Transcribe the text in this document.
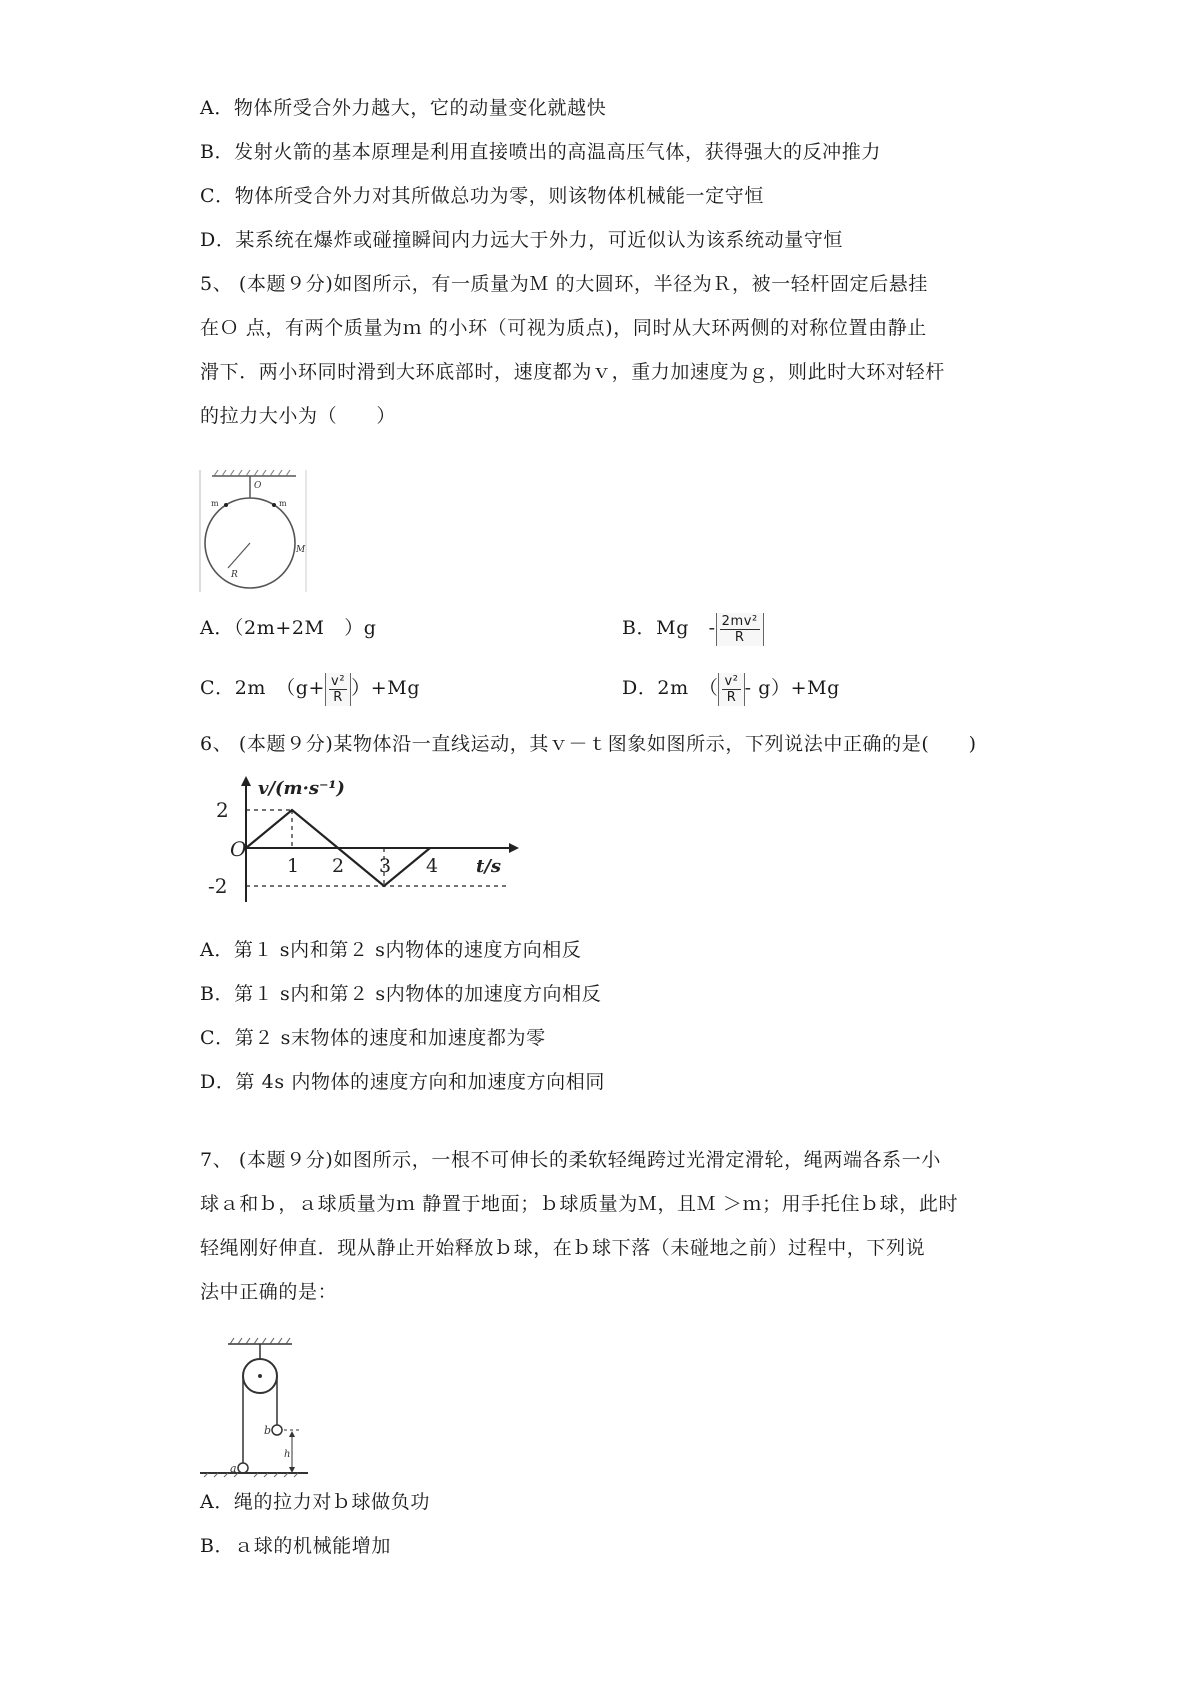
A．物体所受合外力越大，它的动量变化就越快
B．发射火箭的基本原理是利用直接喷出的高温高压气体，获得强大的反冲推力
C．物体所受合外力对其所做总功为零，则该物体机械能一定守恒
D．某系统在爆炸或碰撞瞬间内力远大于外力，可近似认为该系统动量守恒
5、 (本题９分)如图所示，有一质量为Ｍ 的大圆环，半径为Ｒ，被一轻杆固定后悬挂
在Ｏ 点，有两个质量为ｍ 的小环（可视为质点)，同时从大环两侧的对称位置由静止
滑下．两小环同时滑到大环底部时，速度都为ｖ，重力加速度为ｇ，则此时大环对轻杆
的拉力大小为（　　）
O
m	m
M
R
A．（2m+2M　）g	B．Mg　- $\frac{\text{2mv²}}{R}$
C．2m　$(g+ \frac{\text{v²}}{R} )+Mg$	D．2m　（ $\frac{\text{v²}}{R} - g)+Mg$
6、 (本题９分)某物体沿一直线运动，其ｖ－ｔ图象如图所示，下列说法中正确的是(　　)
v/(m·s⁻¹)
O
2
-2
1 2 3 4 t/s
A．第１ s内和第２ s内物体的速度方向相反
B．第１ s内和第２ s内物体的加速度方向相反
C．第２ s末物体的速度和加速度都为零
D．第 4s 内物体的速度方向和加速度方向相同
7、 (本题９分)如图所示，一根不可伸长的柔软轻绳跨过光滑定滑轮，绳两端各系一小
球ａ和ｂ，ａ球质量为ｍ 静置于地面；ｂ球质量为Ｍ，且Ｍ ＞ｍ；用手托住ｂ球，此时
轻绳刚好伸直．现从静止开始释放ｂ球，在ｂ球下落（未碰地之前）过程中，下列说
法中正确的是：
h
b
a
A．绳的拉力对ｂ球做负功
B．ａ球的机械能增加
